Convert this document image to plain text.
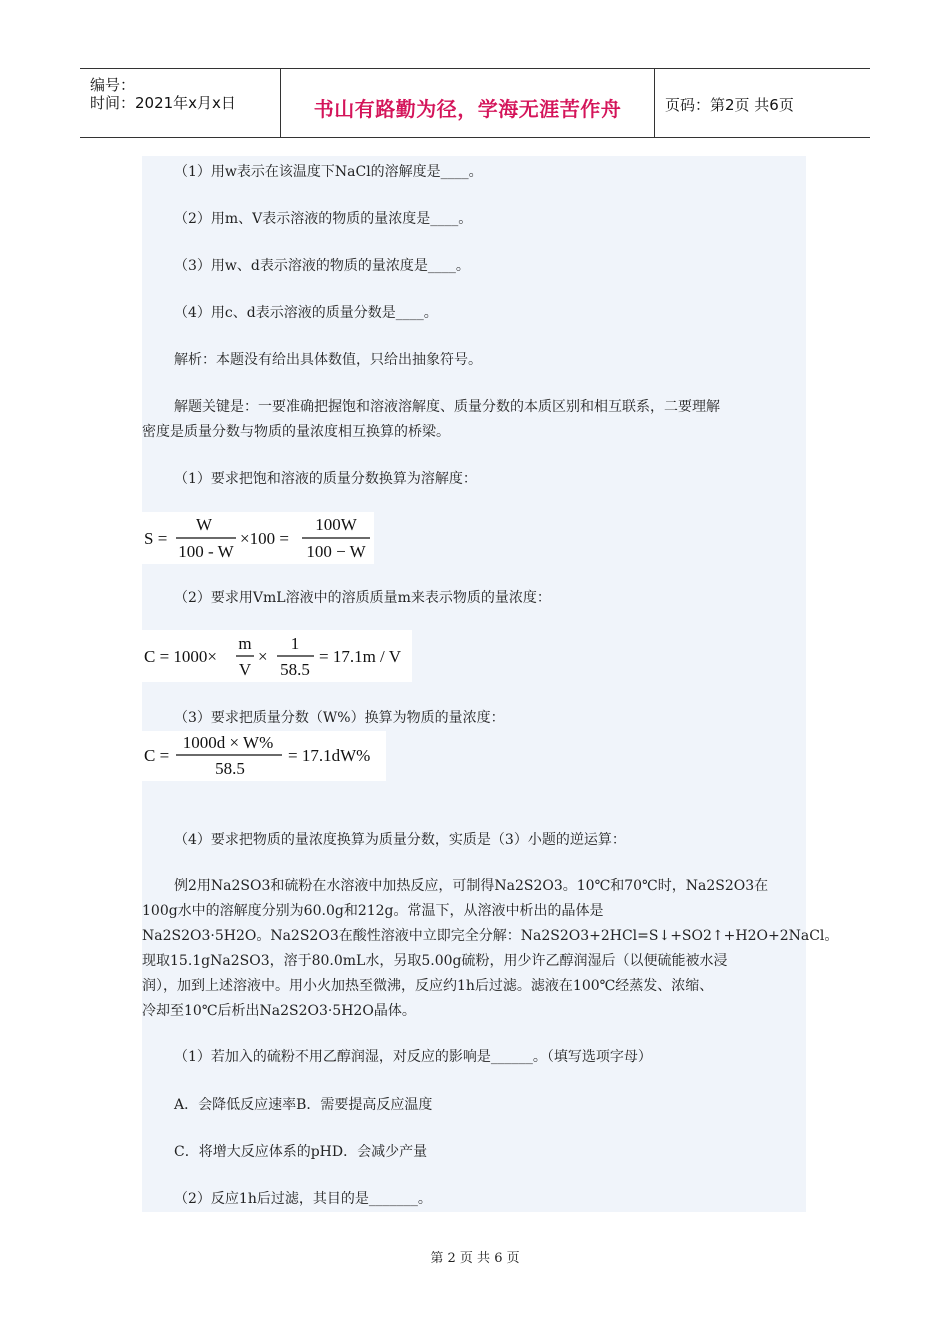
编号：
时间：2021年x月x日	书山有路勤为径，学海无涯苦作舟	页码：第2页 共6页
（1）用w表示在该温度下NaCl的溶解度是____。
（2）用m、V表示溶液的物质的量浓度是____。
（3）用w、d表示溶液的物质的量浓度是____。
（4）用c、d表示溶液的质量分数是____。
解析：本题没有给出具体数值，只给出抽象符号。
解题关键是：一要准确把握饱和溶液溶解度、质量分数的本质区别和相互联系，二要理解
密度是质量分数与物质的量浓度相互换算的桥梁。
（1）要求把饱和溶液的质量分数换算为溶解度：
S =
W
100 - W
×100 =
100W
100 − W
（2）要求用VmL溶液中的溶质质量m来表示物质的量浓度：
C = 1000×
m
V
×
1
58.5
= 17.1m / V
（3）要求把质量分数（W%）换算为物质的量浓度：
C =
1000d × W%
58.5
= 17.1dW%
（4）要求把物质的量浓度换算为质量分数，实质是（3）小题的逆运算：
例2用Na2SO3和硫粉在水溶液中加热反应，可制得Na2S2O3。10℃和70℃时，Na2S2O3在
100g水中的溶解度分别为60.0g和212g。常温下，从溶液中析出的晶体是
Na2S2O3·5H2O。Na2S2O3在酸性溶液中立即完全分解：Na2S2O3+2HCl=S↓+SO2↑+H2O+2NaCl。
现取15.1gNa2SO3，溶于80.0mL水，另取5.00g硫粉，用少许乙醇润湿后（以便硫能被水浸
润），加到上述溶液中。用小火加热至微沸，反应约1h后过滤。滤液在100℃经蒸发、浓缩、
冷却至10℃后析出Na2S2O3·5H2O晶体。
（1）若加入的硫粉不用乙醇润湿，对反应的影响是______。（填写选项字母）
A．会降低反应速率B．需要提高反应温度
C．将增大反应体系的pHD．会减少产量
（2）反应1h后过滤，其目的是_______。
第 2 页 共 6 页
